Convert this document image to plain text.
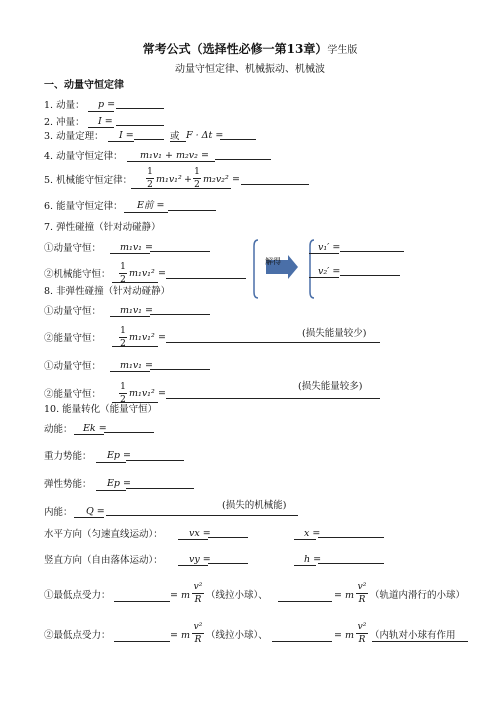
常考公式（选择性必修一第13章）学生版
动量守恒定律、机械振动、机械波
一、动量守恒定律
1. 动量： p =
2. 冲量： I =
3. 动量定理： I =	或 F · Δt =
4. 动量守恒定律： m₁v₁ + m₂v₂ =
5. 机械能守恒定律：
1
2 m₁v₁² +
1
2 m₂v₂² =
6. 能量守恒定律： E前 =
7. 弹性碰撞（针对动碰静）
①动量守恒： m₁v₁ =
②机械能守恒：
1
2
m₁v₁² =
解得
v₁′ =
v₂′ =
8. 非弹性碰撞（针对动碰静）
①动量守恒： m₁v₁ =
②能量守恒：
1
2
m₁v₁² =	(损失能量较少)
①动量守恒： m₁v₁ =
②能量守恒：
1
2
m₁v₁² =
(损失能量较多)
10. 能量转化（能量守恒）
动能： Ek =
重力势能： Ep =
弹性势能： Ep =
内能： Q =
(损失的机械能)
水平方向（匀速直线运动）：	vx =	x =
竖直方向（自由落体运动）：	vy =	h =
①最低点受力：	= m
v²
R （线拉小球）、	= m
v²
R （轨道内滑行的小球）
②最低点受力：	= m
v²
R （线拉小球）、	= m
v²
R （内轨对小球有作用
